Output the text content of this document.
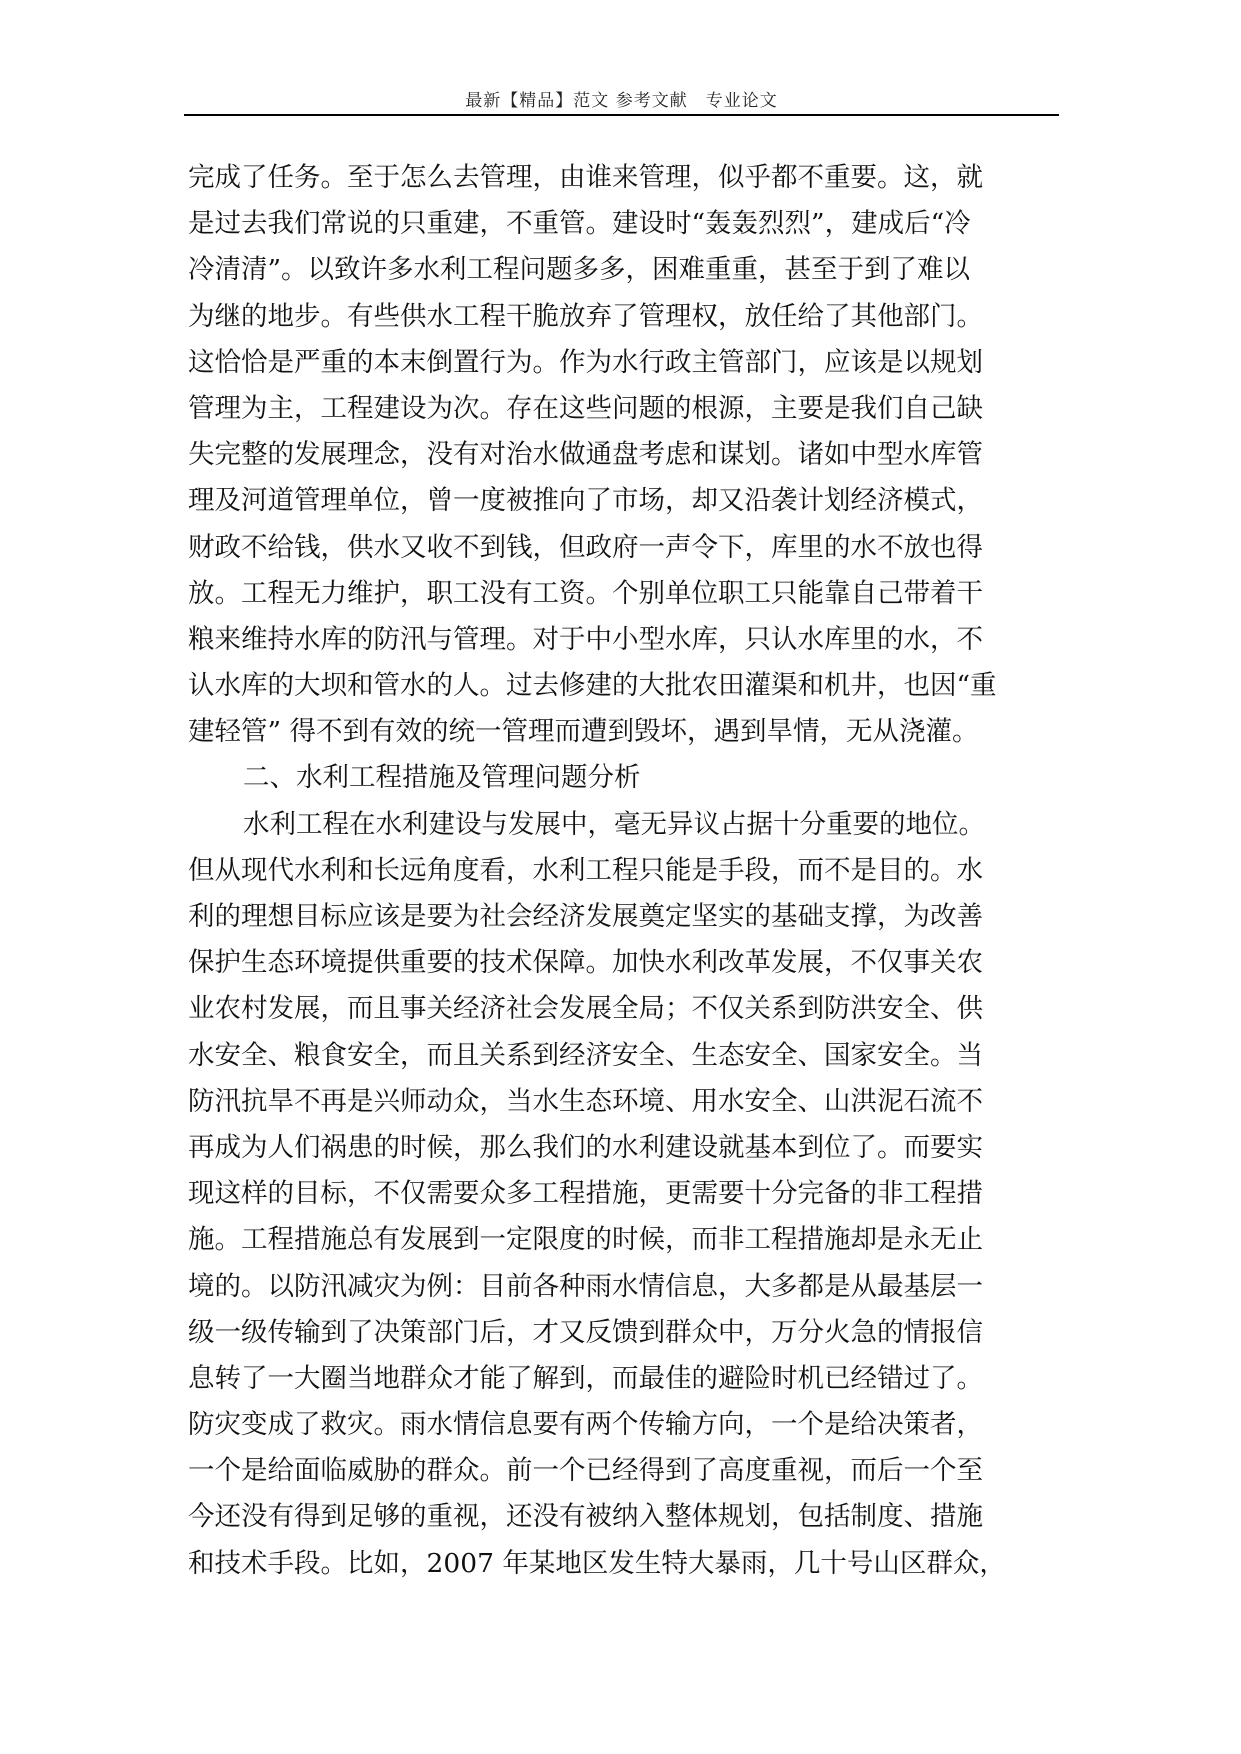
最新【精品】范文 参考文献　专业论文
完成了任务。至于怎么去管理，由谁来管理，似乎都不重要。这，就
是过去我们常说的只重建，不重管。建设时“轰轰烈烈”，建成后“冷
冷清清”。以致许多水利工程问题多多，困难重重，甚至于到了难以
为继的地步。有些供水工程干脆放弃了管理权，放任给了其他部门。
这恰恰是严重的本末倒置行为。作为水行政主管部门，应该是以规划
管理为主，工程建设为次。存在这些问题的根源，主要是我们自己缺
失完整的发展理念，没有对治水做通盘考虑和谋划。诸如中型水库管
理及河道管理单位，曾一度被推向了市场，却又沿袭计划经济模式，
财政不给钱，供水又收不到钱，但政府一声令下，库里的水不放也得
放。工程无力维护，职工没有工资。个别单位职工只能靠自己带着干
粮来维持水库的防汛与管理。对于中小型水库，只认水库里的水，不
认水库的大坝和管水的人。过去修建的大批农田灌渠和机井，也因“重
建轻管” 得不到有效的统一管理而遭到毁坏，遇到旱情，无从浇灌。
二、水利工程措施及管理问题分析
水利工程在水利建设与发展中，毫无异议占据十分重要的地位。
但从现代水利和长远角度看，水利工程只能是手段，而不是目的。水
利的理想目标应该是要为社会经济发展奠定坚实的基础支撑，为改善
保护生态环境提供重要的技术保障。加快水利改革发展，不仅事关农
业农村发展，而且事关经济社会发展全局；不仅关系到防洪安全、供
水安全、粮食安全，而且关系到经济安全、生态安全、国家安全。当
防汛抗旱不再是兴师动众，当水生态环境、用水安全、山洪泥石流不
再成为人们祸患的时候，那么我们的水利建设就基本到位了。而要实
现这样的目标，不仅需要众多工程措施，更需要十分完备的非工程措
施。工程措施总有发展到一定限度的时候，而非工程措施却是永无止
境的。以防汛减灾为例：目前各种雨水情信息，大多都是从最基层一
级一级传输到了决策部门后，才又反馈到群众中，万分火急的情报信
息转了一大圈当地群众才能了解到，而最佳的避险时机已经错过了。
防灾变成了救灾。雨水情信息要有两个传输方向，一个是给决策者，
一个是给面临威胁的群众。前一个已经得到了高度重视，而后一个至
今还没有得到足够的重视，还没有被纳入整体规划，包括制度、措施
和技术手段。比如，2007 年某地区发生特大暴雨，几十号山区群众，
